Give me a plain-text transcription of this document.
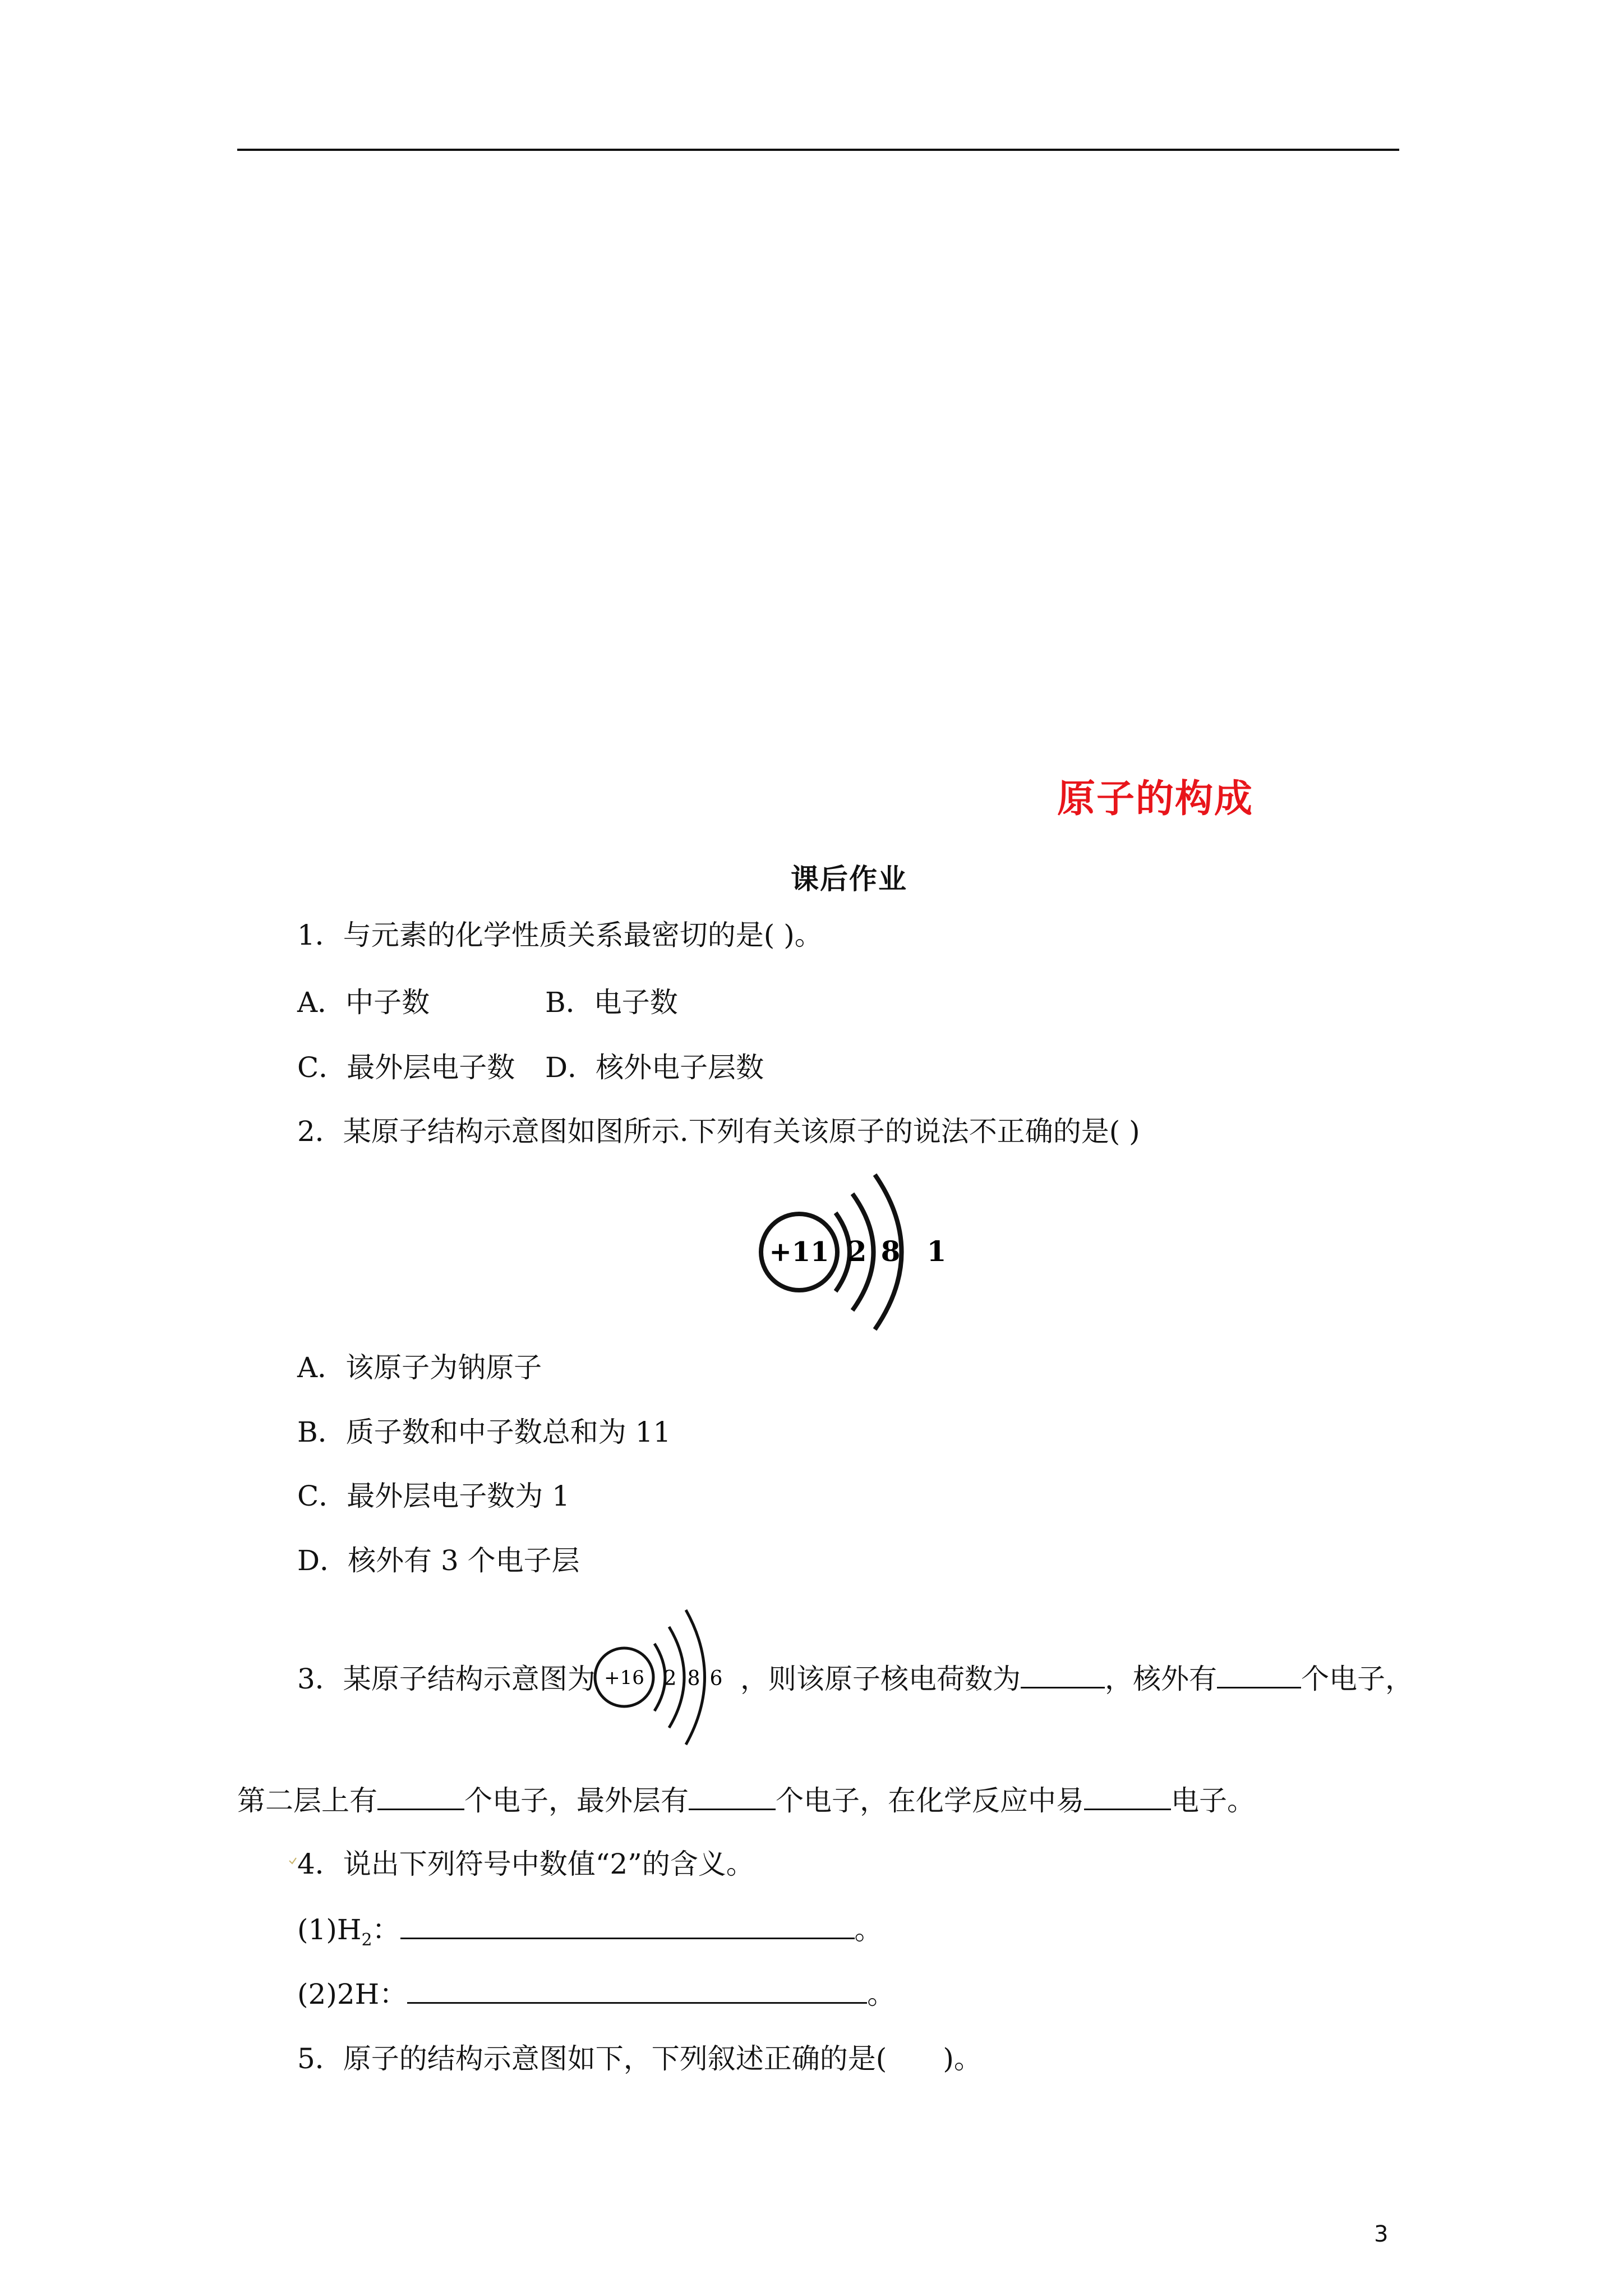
原子的构成
课后作业
1．与元素的化学性质关系最密切的是( )。
A．中子数	B．电子数
C．最外层电子数 D．核外电子层数
2．某原子结构示意图如图所示.下列有关该原子的说法不正确的是( )
+11 2 8 1
A．该原子为钠原子
B．质子数和中子数总和为 11
C．最外层电子数为 1
D．核外有 3 个电子层
3．某原子结构示意图为 +16 2 8 6 ，则该原子核电荷数为	，核外有	个电子，
第二层上有	个电子，最外层有	个电子，在化学反应中易	电子。
4．说出下列符号中数值“2”的含义。
$(1)H_2$：	。
(2)2H：	。
5．原子的结构示意图如下，下列叙述正确的是(　　)。
3
